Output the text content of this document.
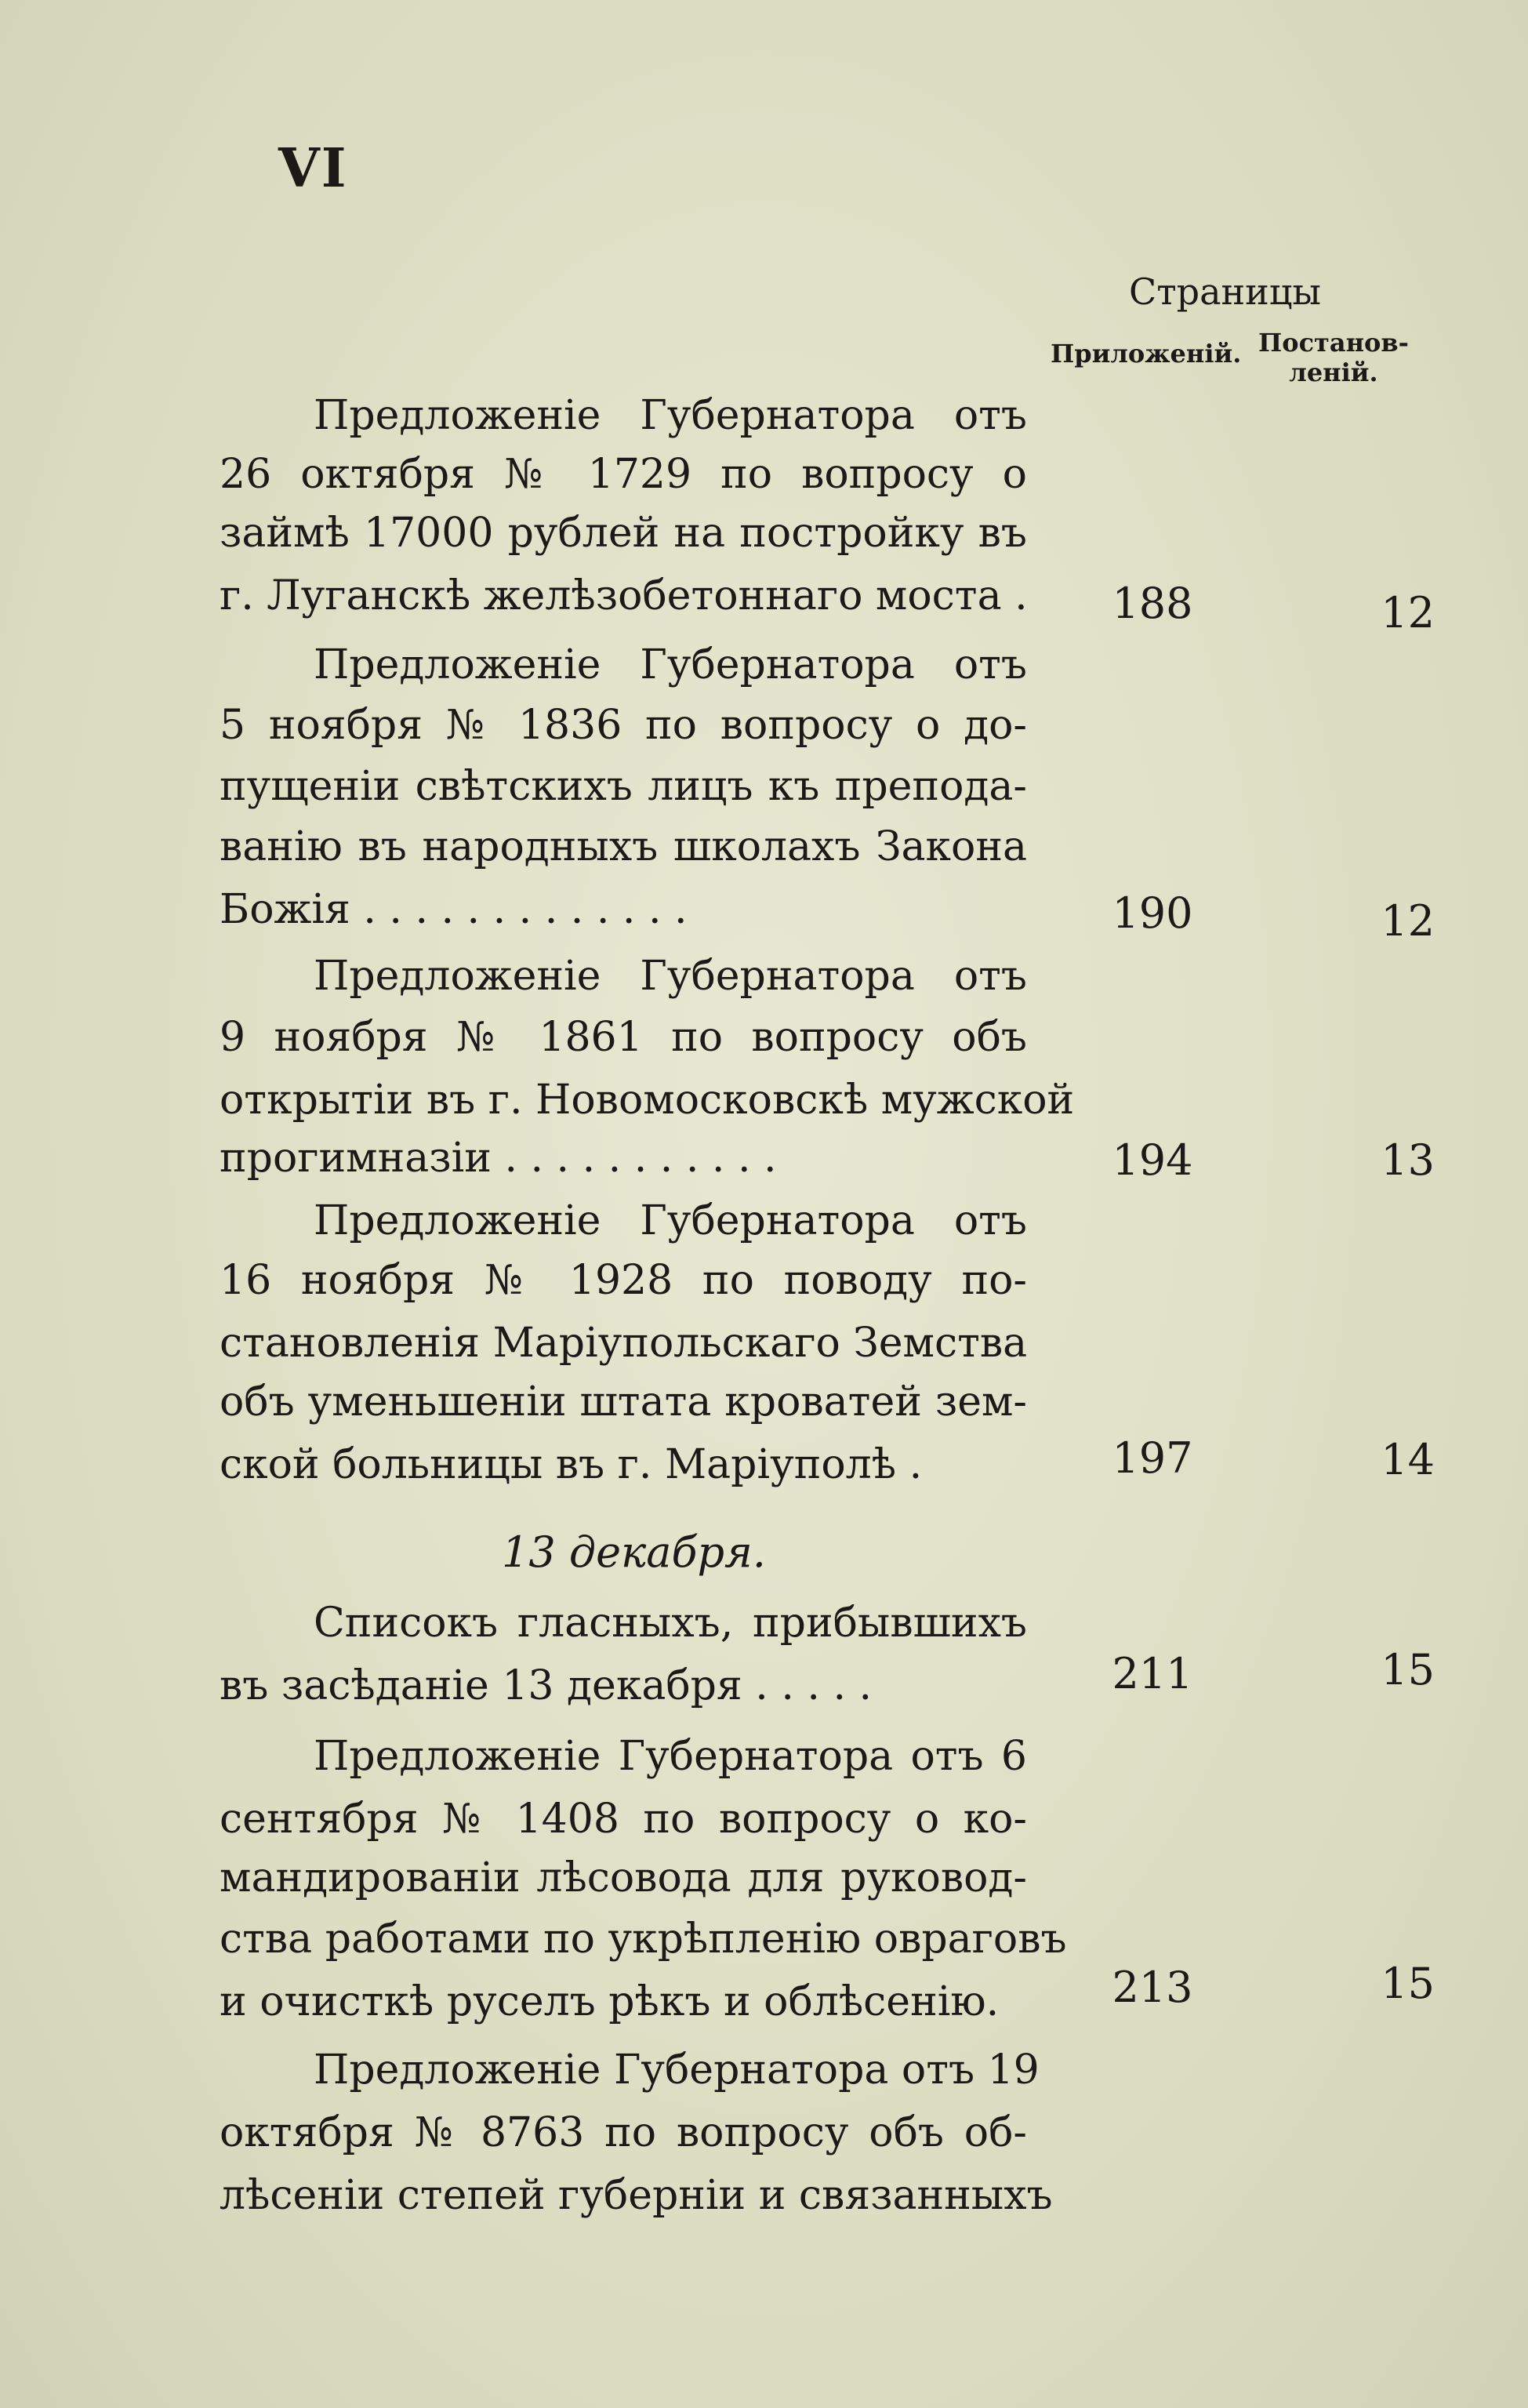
VI
Страницы
Приложеній. Постанов-
леній.
Предложеніе Губернатора отъ
26 октября № 1729 по вопросу о
займѣ 17000 рублей на постройку въ
г. Луганскѣ желѣзобетоннаго моста . 188	12
Предложеніе Губернатора отъ
5 ноября № 1836 по вопросу о до-
пущеніи свѣтскихъ лицъ къ препода-
ванію въ народныхъ школахъ Закона
Божія . . . . . . . . . . . . .	190	12
Предложеніе Губернатора отъ
9 ноября № 1861 по вопросу объ
открытіи въ г. Новомосковскѣ мужской
прогимназіи . . . . . . . . . . .	194	13
Предложеніе Губернатора отъ
16 ноября № 1928 по поводу по-
становленія Маріупольскаго Земства
объ уменьшеніи штата кроватей зем-
ской больницы въ г. Маріуполѣ .	197	14
13 декабря.
Списокъ гласныхъ, прибывшихъ
въ засѣданіе 13 декабря . . . . .	211	15
Предложеніе Губернатора отъ 6
сентября № 1408 по вопросу о ко-
мандированіи лѣсовода для руковод-
ства работами по укрѣпленію овраговъ
и очисткѣ руселъ рѣкъ и облѣсенію.	213	15
Предложеніе Губернатора отъ 19
октября № 8763 по вопросу объ об-
лѣсеніи степей губерніи и связанныхъ
